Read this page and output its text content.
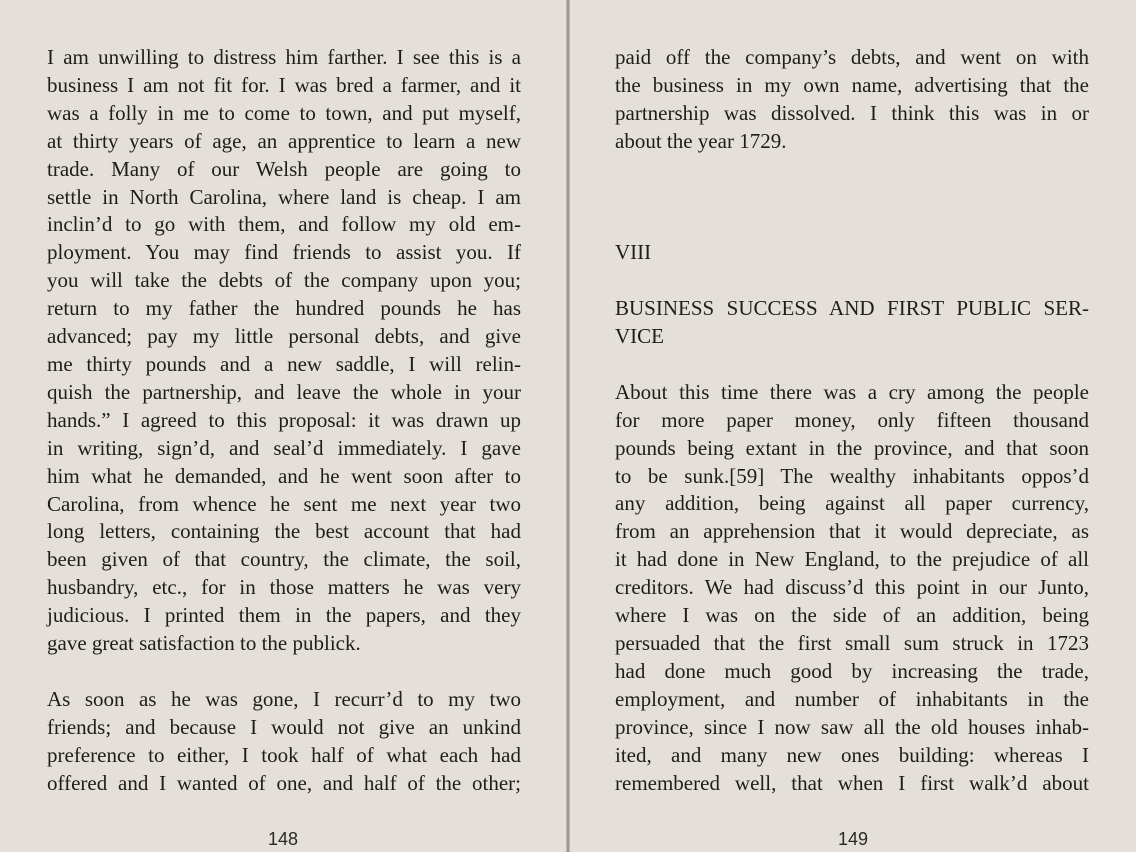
I am unwilling to distress him farther. I see this is a
business I am not fit for. I was bred a farmer, and it
was a folly in me to come to town, and put myself,
at thirty years of age, an apprentice to learn a new
trade. Many of our Welsh people are going to
settle in North Carolina, where land is cheap. I am
inclin’d to go with them, and follow my old em-
ployment. You may find friends to assist you. If
you will take the debts of the company upon you;
return to my father the hundred pounds he has
advanced; pay my little personal debts, and give
me thirty pounds and a new saddle, I will relin-
quish the partnership, and leave the whole in your
hands.” I agreed to this proposal: it was drawn up
in writing, sign’d, and seal’d immediately. I gave
him what he demanded, and he went soon after to
Carolina, from whence he sent me next year two
long letters, containing the best account that had
been given of that country, the climate, the soil,
husbandry, etc., for in those matters he was very
judicious. I printed them in the papers, and they
gave great satisfaction to the publick.

As soon as he was gone, I recurr’d to my two
friends; and because I would not give an unkind
preference to either, I took half of what each had
offered and I wanted of one, and half of the other;

148

paid off the company’s debts, and went on with
the business in my own name, advertising that the
partnership was dissolved. I think this was in or
about the year 1729.

VIII

BUSINESS SUCCESS AND FIRST PUBLIC SER-
VICE

About this time there was a cry among the people
for more paper money, only fifteen thousand
pounds being extant in the province, and that soon
to be sunk.[59] The wealthy inhabitants oppos’d
any addition, being against all paper currency,
from an apprehension that it would depreciate, as
it had done in New England, to the prejudice of all
creditors. We had discuss’d this point in our Junto,
where I was on the side of an addition, being
persuaded that the first small sum struck in 1723
had done much good by increasing the trade,
employment, and number of inhabitants in the
province, since I now saw all the old houses inhab-
ited, and many new ones building: whereas I
remembered well, that when I first walk’d about

149
